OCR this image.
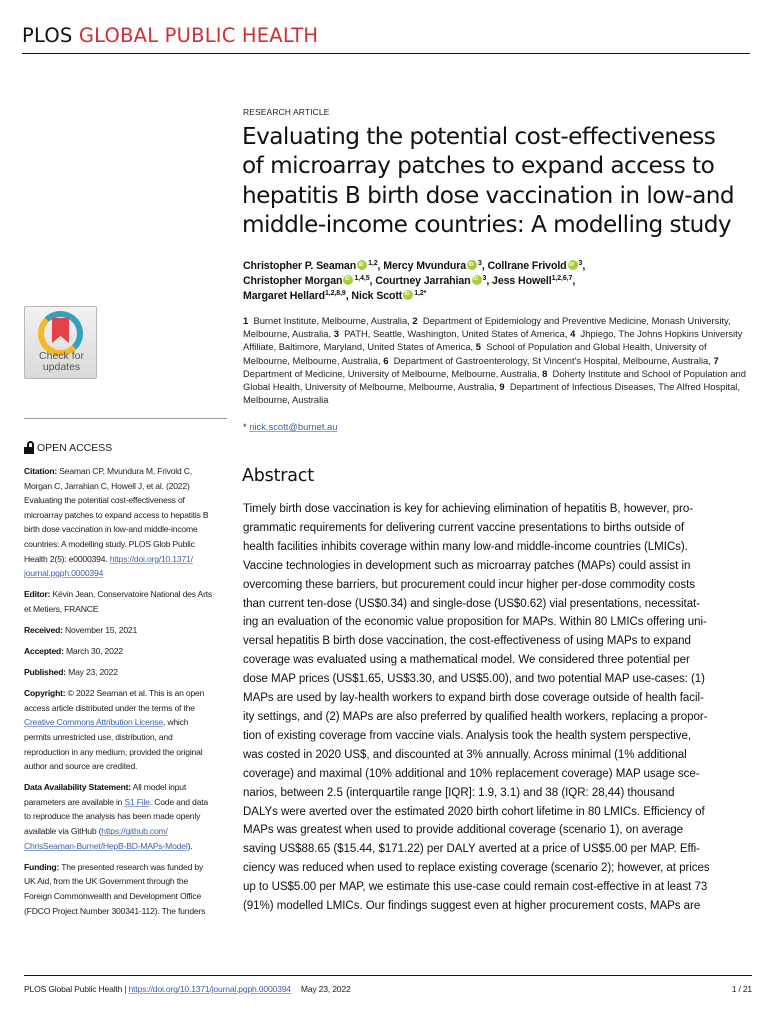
PLOS GLOBAL PUBLIC HEALTH
Check for
updates
OPEN ACCESS
Citation: Seaman CP, Mvundura M, Frivold C,
Morgan C, Jarrahian C, Howell J, et al. (2022)
Evaluating the potential cost-effectiveness of
microarray patches to expand access to hepatitis B
birth dose vaccination in low-and middle-income
countries: A modelling study. PLOS Glob Public
Health 2(5): e0000394. https://doi.org/10.1371/
journal.pgph.0000394
Editor: Kévin Jean, Conservatoire National des Arts
et Metiers, FRANCE
Received: November 15, 2021
Accepted: March 30, 2022
Published: May 23, 2022
Copyright: © 2022 Seaman et al. This is an open
access article distributed under the terms of the
Creative Commons Attribution License, which
permits unrestricted use, distribution, and
reproduction in any medium, provided the original
author and source are credited.
Data Availability Statement: All model input
parameters are available in S1 File. Code and data
to reproduce the analysis has been made openly
available via GitHub (https://github.com/
ChrisSeaman-Burnet/HepB-BD-MAPs-Model).
Funding: The presented research was funded by
UK Aid, from the UK Government through the
Foreign Commonwealth and Development Office
(FDCO Project Number 300341-112). The funders
RESEARCH ARTICLE
Evaluating the potential cost-effectiveness of microarray patches to expand access to hepatitis B birth dose vaccination in low-and middle-income countries: A modelling study
Christopher P. Seaman iD $^{1,2}$, Mercy Mvundura iD $^3$, Collrane Frivold iD $^3$,
Christopher Morgan iD $^{1,4,5}$, Courtney Jarrahian iD $^3$, Jess Howell$^{1,2,6,7}$,
Margaret Hellard$^{1,2,8,9}$, Nick Scott iD $^{1,2*}$
1 Burnet Institute, Melbourne, Australia, 2 Department of Epidemiology and Preventive Medicine, Monash University, Melbourne, Australia, 3 PATH, Seattle, Washington, United States of America, 4 Jhpiego, The Johns Hopkins University Affiliate, Baltimore, Maryland, United States of America, 5 School of Population and Global Health, University of Melbourne, Melbourne, Australia, 6 Department of Gastroenterology, St Vincent's Hospital, Melbourne, Australia, 7  Department of Medicine, University of Melbourne, Melbourne, Australia, 8 Doherty Institute and School of Population and Global Health, University of Melbourne, Melbourne, Australia, 9 Department of Infectious Diseases, The Alfred Hospital, Melbourne, Australia
* nick.scott@burnet.au
Abstract
Timely birth dose vaccination is key for achieving elimination of hepatitis B, however, pro-
grammatic requirements for delivering current vaccine presentations to births outside of
health facilities inhibits coverage within many low-and middle-income countries (LMICs).
Vaccine technologies in development such as microarray patches (MAPs) could assist in
overcoming these barriers, but procurement could incur higher per-dose commodity costs
than current ten-dose (US$0.34) and single-dose (US$0.62) vial presentations, necessitat-
ing an evaluation of the economic value proposition for MAPs. Within 80 LMICs offering uni-
versal hepatitis B birth dose vaccination, the cost-effectiveness of using MAPs to expand
coverage was evaluated using a mathematical model. We considered three potential per
dose MAP prices (US$1.65, US$3.30, and US$5.00), and two potential MAP use-cases: (1)
MAPs are used by lay-health workers to expand birth dose coverage outside of health facil-
ity settings, and (2) MAPs are also preferred by qualified health workers, replacing a propor-
tion of existing coverage from vaccine vials. Analysis took the health system perspective,
was costed in 2020 US$, and discounted at 3% annually. Across minimal (1% additional
coverage) and maximal (10% additional and 10% replacement coverage) MAP usage sce-
narios, between 2.5 (interquartile range [IQR]: 1.9, 3.1) and 38 (IQR: 28,44) thousand
DALYs were averted over the estimated 2020 birth cohort lifetime in 80 LMICs. Efficiency of
MAPs was greatest when used to provide additional coverage (scenario 1), on average
saving US$88.65 ($15.44, $171.22) per DALY averted at a price of US$5.00 per MAP. Effi-
ciency was reduced when used to replace existing coverage (scenario 2); however, at prices
up to US$5.00 per MAP, we estimate this use-case could remain cost-effective in at least 73
(91%) modelled LMICs. Our findings suggest even at higher procurement costs, MAPs are
PLOS Global Public Health | https://doi.org/10.1371/journal.pgph.0000394 May 23, 2022	1 / 21
